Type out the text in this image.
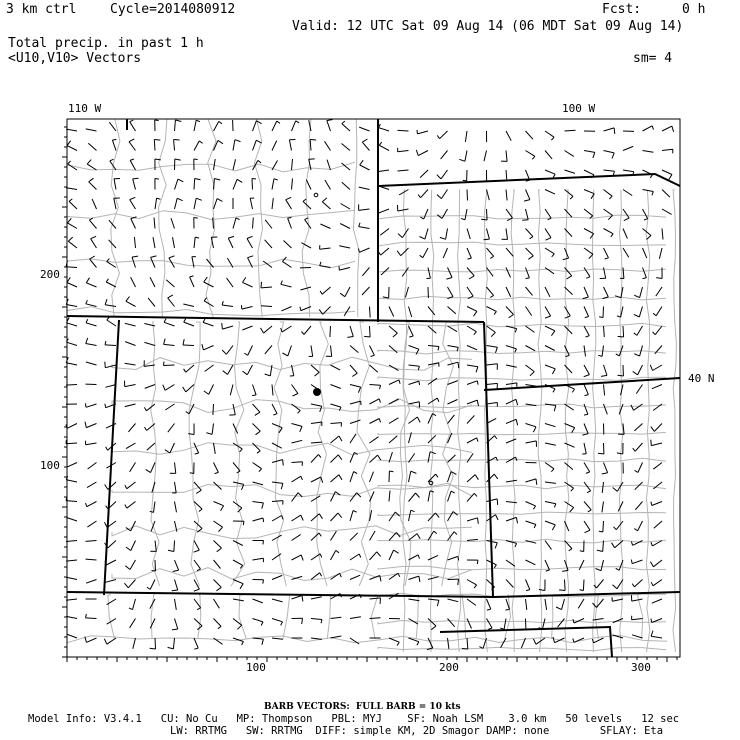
3 km ctrl	Cycle=2014080912	Fcst:	0 h
Valid: 12 UTC Sat 09 Aug 14 (06 MDT Sat 09 Aug 14)
Total precip. in past 1 h
<U10,V10> Vectors	sm= 4
110 W	100 W
200
100
40 N
100	200	300
BARB VECTORS:  FULL BARB = 10 kts
Model Info: V3.4.1   CU: No Cu   MP: Thompson   PBL: MYJ    SF: Noah LSM    3.0 km   50 levels   12 sec
LW: RRTMG   SW: RRTMG  DIFF: simple KM, 2D Smagor DAMP: none        SFLAY: Eta
